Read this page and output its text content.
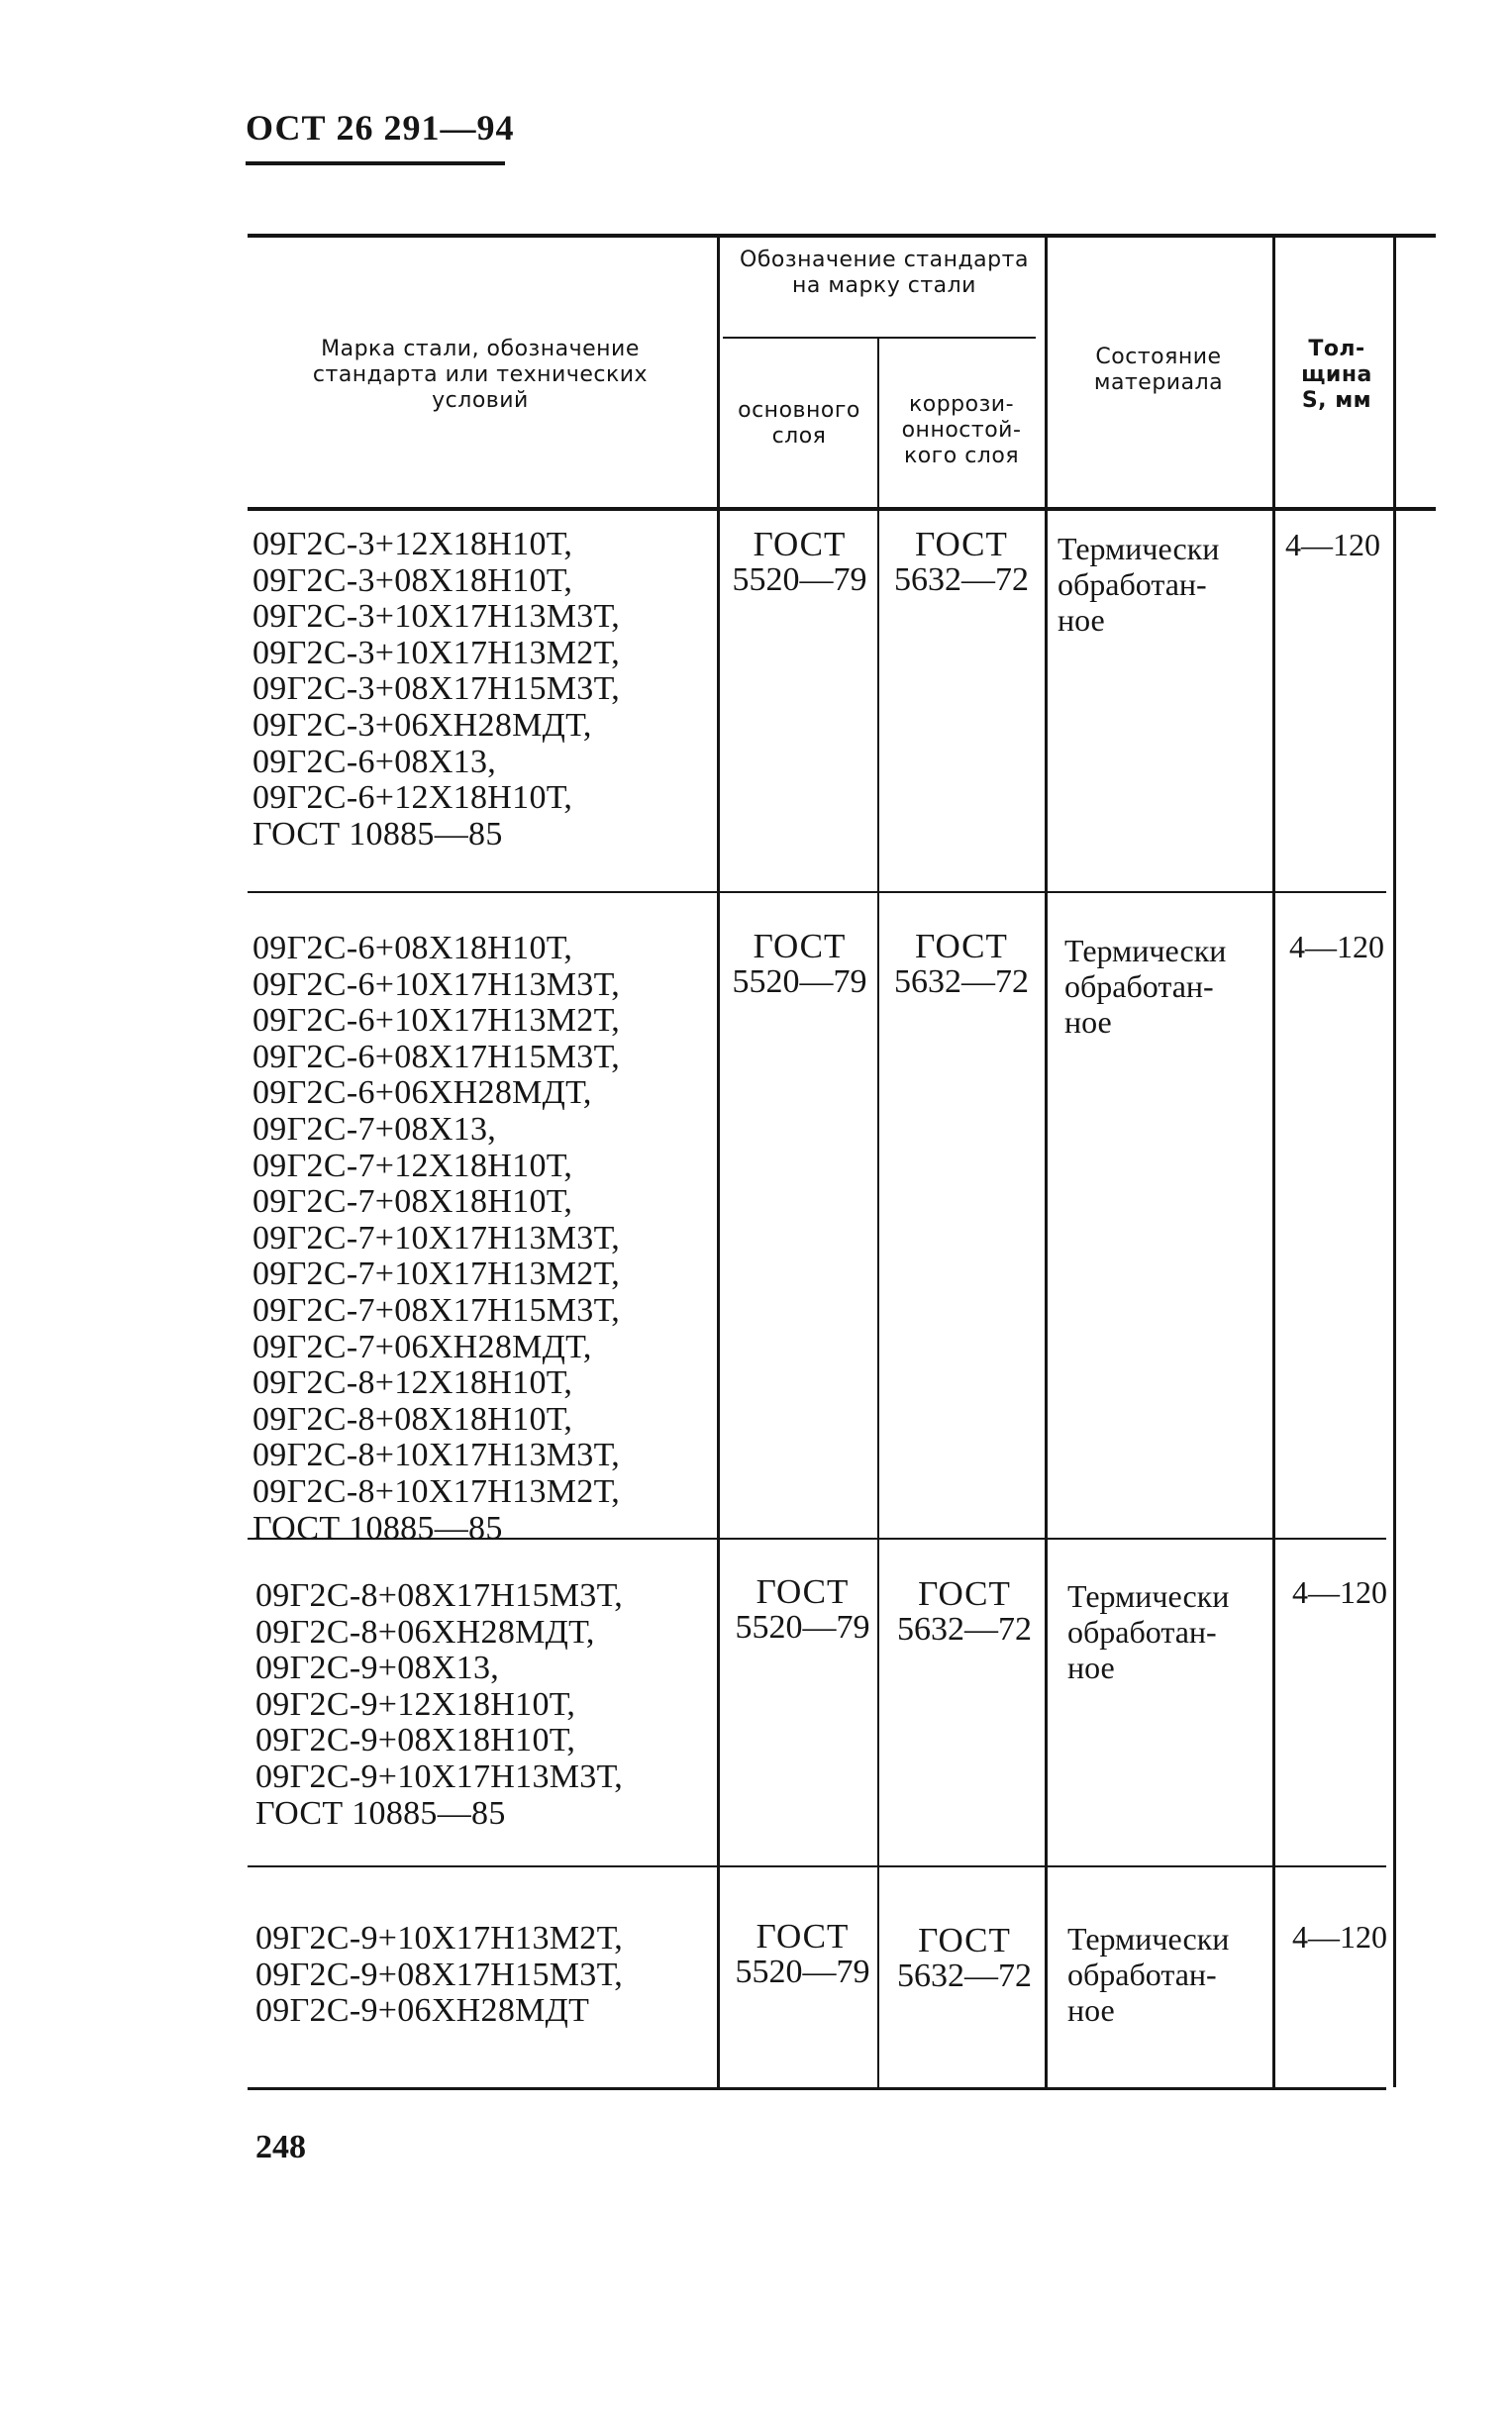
ОСТ 26 291—94
Марка стали, обозначение стандарта или технических условий
Обозначение стандарта на марку стали
основного слоя
коррози-
онностой-
кого слоя
Состояние материала
Тол-
щина
S, мм
09Г2С-3+12Х18Н10Т,
09Г2С-3+08Х18Н10Т,
09Г2С-3+10Х17Н13М3Т,
09Г2С-3+10Х17Н13М2Т,
09Г2С-3+08Х17Н15М3Т,
09Г2С-3+06ХН28МДТ,
09Г2С-6+08Х13,
09Г2С-6+12Х18Н10Т,
ГОСТ 10885—85
ГОСТ
5520—79
ГОСТ
5632—72
Термически
обработан-
ное
4—120
09Г2С-6+08Х18Н10Т,
09Г2С-6+10Х17Н13М3Т,
09Г2С-6+10Х17Н13М2Т,
09Г2С-6+08Х17Н15М3Т,
09Г2С-6+06ХН28МДТ,
09Г2С-7+08Х13,
09Г2С-7+12Х18Н10Т,
09Г2С-7+08Х18Н10Т,
09Г2С-7+10Х17Н13М3Т,
09Г2С-7+10Х17Н13М2Т,
09Г2С-7+08Х17Н15М3Т,
09Г2С-7+06ХН28МДТ,
09Г2С-8+12Х18Н10Т,
09Г2С-8+08Х18Н10Т,
09Г2С-8+10Х17Н13М3Т,
09Г2С-8+10Х17Н13М2Т,
ГОСТ 10885—85
ГОСТ
5520—79
ГОСТ
5632—72
Термически
обработан-
ное
4—120
09Г2С-8+08Х17Н15М3Т,
09Г2С-8+06ХН28МДТ,
09Г2С-9+08Х13,
09Г2С-9+12Х18Н10Т,
09Г2С-9+08Х18Н10Т,
09Г2С-9+10Х17Н13М3Т,
ГОСТ 10885—85
ГОСТ
5520—79
ГОСТ
5632—72
Термически
обработан-
ное
4—120
09Г2С-9+10Х17Н13М2Т,
09Г2С-9+08Х17Н15М3Т,
09Г2С-9+06ХН28МДТ
ГОСТ
5520—79
ГОСТ
5632—72
Термически
обработан-
ное
4—120
248
